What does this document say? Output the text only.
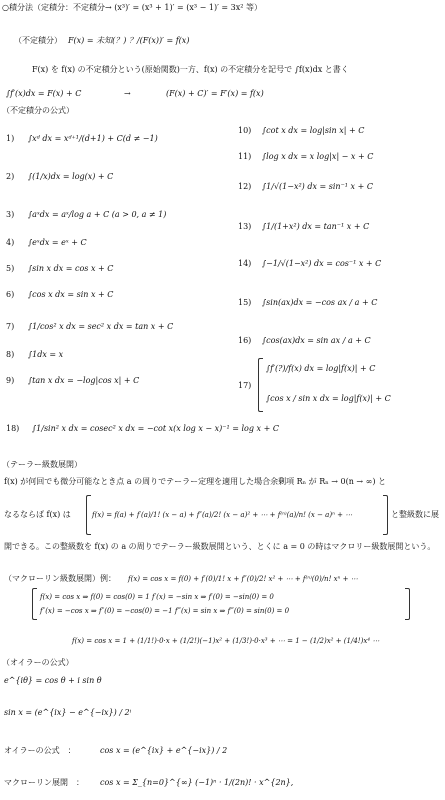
○積分法（定積分：不定積分→ (x³)′ = (x³ + 1)′ = (x³ − 1)′ = 3x² 等）
（不定積分） F(x) = 未知(？) ？/(F(x))′ = f(x)
F(x) を f(x) の不定積分という(原始関数)一方、f(x) の不定積分を記号で ∫f(x)dx と書く
∫f′(x)dx = F(x) + C	→	(F(x) + C)′ = F′(x) = f(x)
（不定積分の公式）
1) ∫xᵈ dx = xᵈ⁺¹/(d+1) + C(d ≠ −1)
2) ∫(1/x)dx = log(x) + C
3) ∫aˣdx = aˣ/log a + C (a > 0, a ≠ 1)
4) ∫eˣdx = eˣ + C
5) ∫sin x dx = cos x + C
6) ∫cos x dx = sin x + C
7) ∫1/cos² x dx = sec² x dx = tan x + C
8) ∫1dx = x
9) ∫tan x dx = −log|cos x| + C
10) ∫cot x dx = log|sin x| + C
11) ∫log x dx = x log|x| − x + C
12) ∫1/√(1−x²) dx = sin⁻¹ x + C
13) ∫1/(1+x²) dx = tan⁻¹ x + C
14) ∫−1/√(1−x²) dx = cos⁻¹ x + C
15) ∫sin(ax)dx = −cos ax / a + C
16) ∫cos(ax)dx = sin ax / a + C
17)
∫f′(?)/f(x) dx = log|f(x)| + C
∫cos x / sin x dx = log|f(x)| + C
18) ∫1/sin² x dx = cosec² x dx = −cot x(x log x − x)⁻¹ = log x + C
（テーラー級数展開）
f(x) が何回でも微分可能なとき点 a の周りでテーラー定理を適用した場合余剰項 Rₙ が Rₙ → 0(n → ∞) と
なるならば f(x) は	f(x) = f(a) + f′(a)/1! (x − a) + f″(a)/2! (x − a)² + ⋯ + f⁽ⁿ⁾(a)/n! (x − a)ⁿ + ⋯	と整級数に展
開できる。この整級数を f(x) の a の周りでテーラー級数展開という、とくに a = 0 の時はマクロリー級数展開という。
（マクローリン級数展開）例： f(x) = cos x = f(0) + f′(0)/1! x + f″(0)/2! x² + ⋯ + f⁽ⁿ⁾(0)/n! xⁿ + ⋯
f(x) = cos x ⇒ f(0) = cos(0) = 1 f′(x) = −sin x ⇒ f′(0) = −sin(0) = 0
f″(x) = −cos x ⇒ f″(0) = −cos(0) = −1 f‴(x) = sin x ⇒ f‴(0) = sin(0) = 0
f(x) = cos x = 1 + (1/1!)·0·x + (1/2!)(−1)x² + (1/3!)·0·x³ + ⋯ = 1 − (1/2)x² + (1/4!)x⁴ ⋯
（オイラーの公式）
e^{iθ} = cos θ + i sin θ
sin x = (e^{ix} − e^{−ix}) / 2ⁱ
オイラーの公式　：	cos x = (e^{ix} + e^{−ix}) / 2
マクローリン展開　： cos x = Σ_{n=0}^{∞} (−1)ⁿ · 1/(2n)! · x^{2n},
